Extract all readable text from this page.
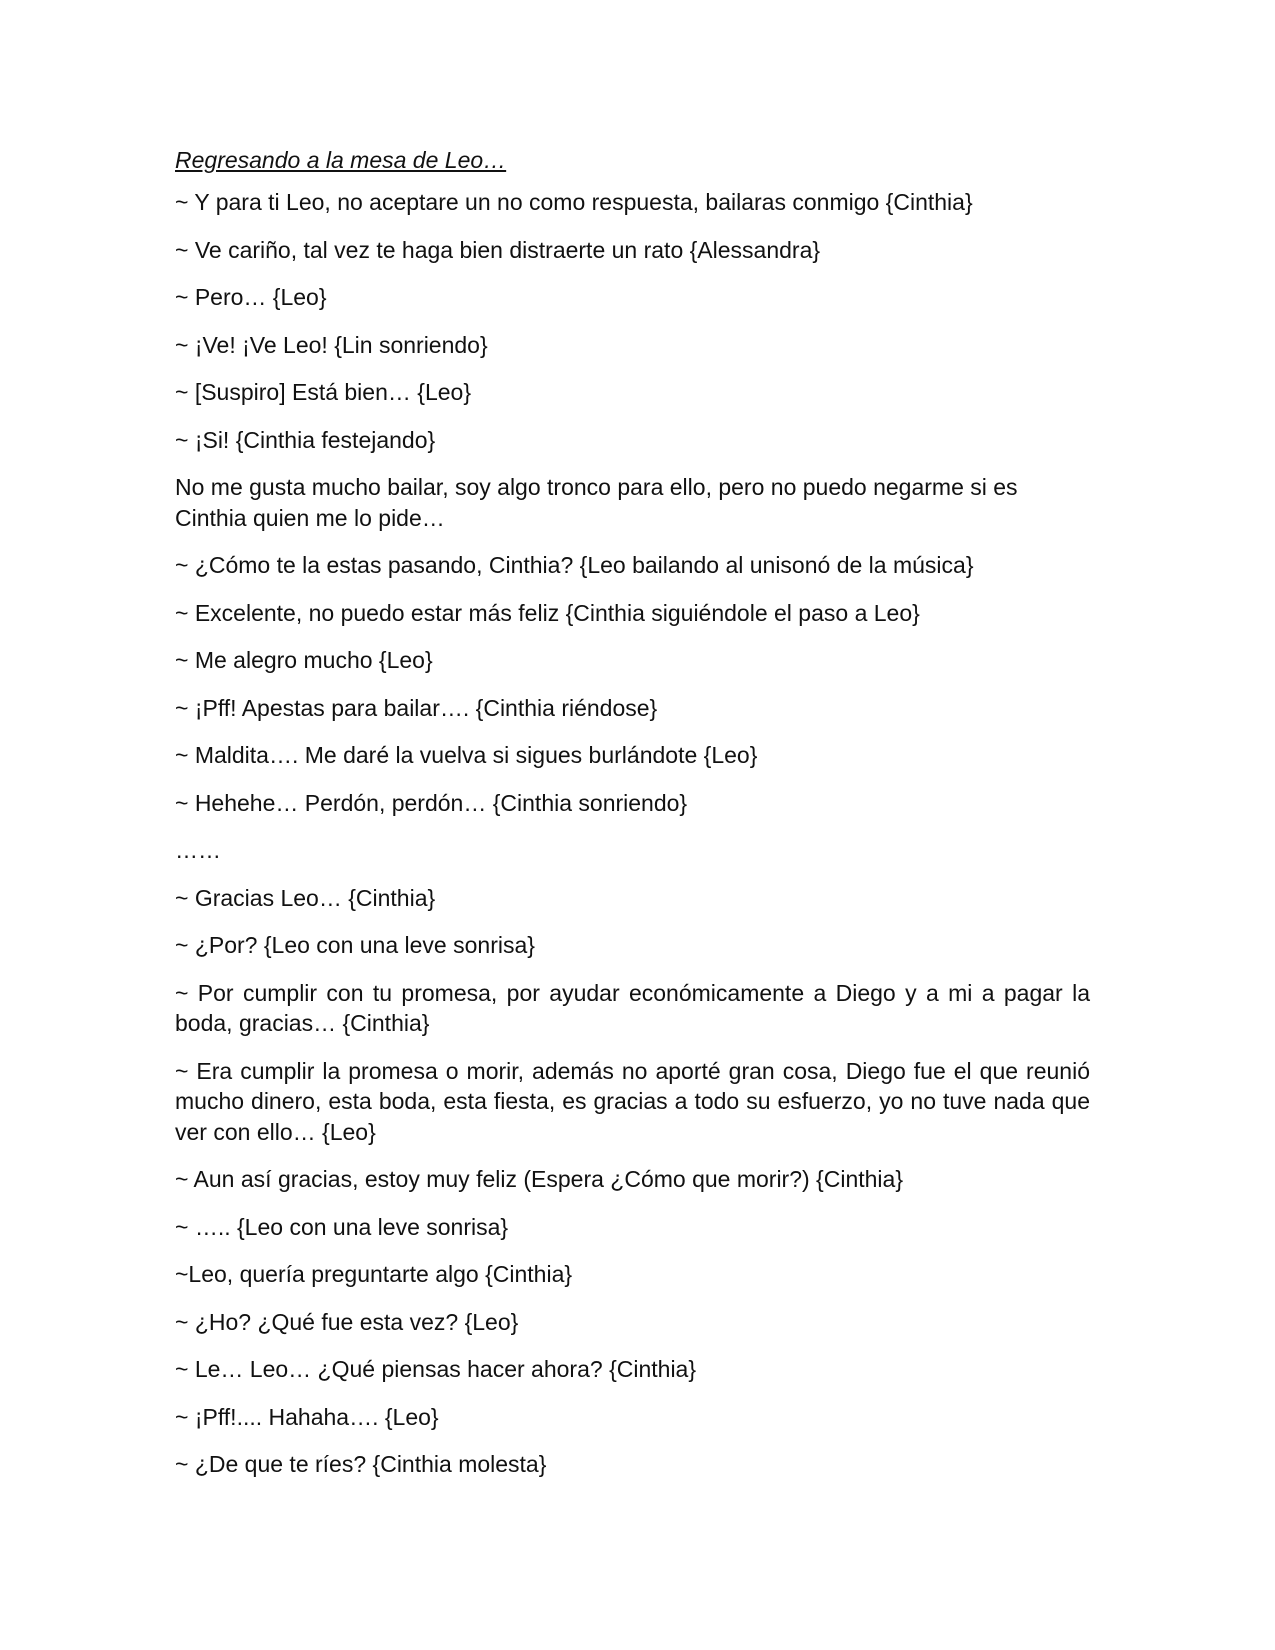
Regresando a la mesa de Leo…

~ Y para ti Leo, no aceptare un no como respuesta, bailaras conmigo {Cinthia}

~ Ve cariño, tal vez te haga bien distraerte un rato {Alessandra}

~ Pero… {Leo}

~ ¡Ve! ¡Ve Leo! {Lin sonriendo}

~ [Suspiro] Está bien… {Leo}

~ ¡Si! {Cinthia festejando}

No me gusta mucho bailar, soy algo tronco para ello, pero no puedo negarme si es Cinthia quien me lo pide…

~ ¿Cómo te la estas pasando, Cinthia? {Leo bailando al unisonó de la música}

~ Excelente, no puedo estar más feliz {Cinthia siguiéndole el paso a Leo}

~ Me alegro mucho {Leo}

~ ¡Pff! Apestas para bailar…. {Cinthia riéndose}

~ Maldita…. Me daré la vuelva si sigues burlándote {Leo}

~ Hehehe… Perdón, perdón… {Cinthia sonriendo}

……

~ Gracias Leo… {Cinthia}

~ ¿Por? {Leo con una leve sonrisa}

~ Por cumplir con tu promesa, por ayudar económicamente a Diego y a mi a pagar la boda, gracias… {Cinthia}

~ Era cumplir la promesa o morir, además no aporté gran cosa, Diego fue el que reunió mucho dinero, esta boda, esta fiesta, es gracias a todo su esfuerzo, yo no tuve nada que ver con ello… {Leo}

~ Aun así gracias, estoy muy feliz (Espera ¿Cómo que morir?) {Cinthia}

~ ….. {Leo con una leve sonrisa}

~Leo, quería preguntarte algo {Cinthia}

~ ¿Ho? ¿Qué fue esta vez? {Leo}

~ Le… Leo… ¿Qué piensas hacer ahora? {Cinthia}

~ ¡Pff!.... Hahaha…. {Leo}

~ ¿De que te ríes? {Cinthia molesta}
